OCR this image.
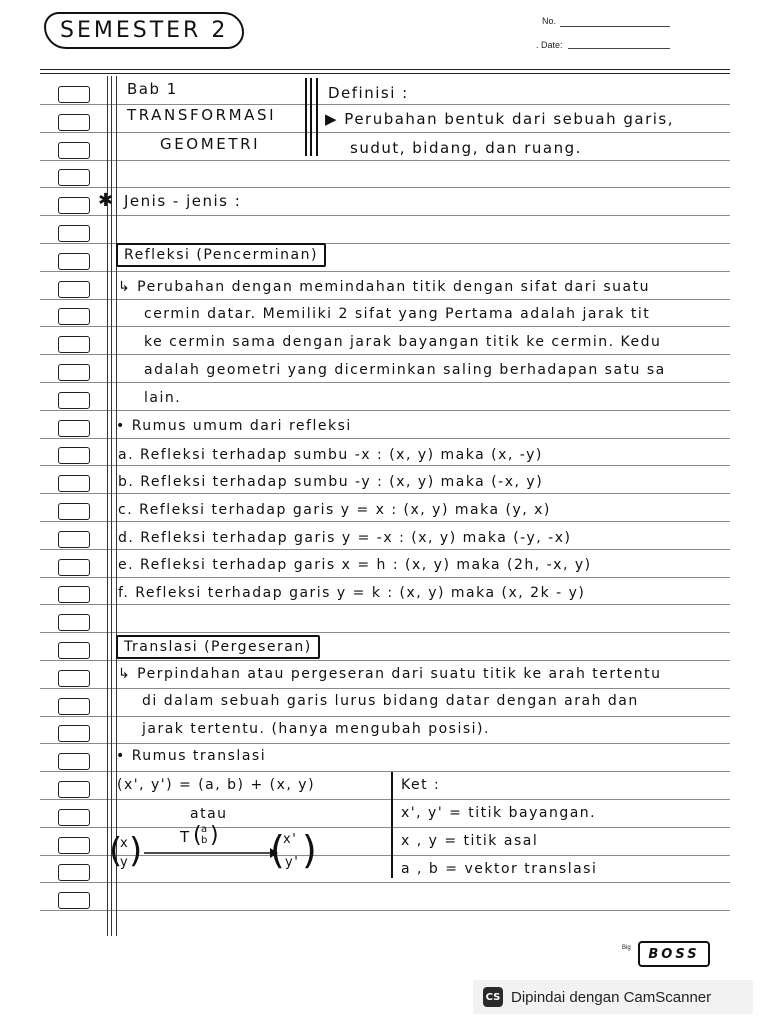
SEMESTER 2	No.
. Date:
Bab 1
TRANSFORMASI
GEOMETRI
Definisi :
▶ Perubahan bentuk dari sebuah garis,
sudut, bidang, dan ruang.
✱ Jenis - jenis :
Refleksi (Pencerminan)
↳ Perubahan dengan memindahan titik dengan sifat dari suatu
cermin datar. Memiliki 2 sifat yang Pertama adalah jarak tit
ke cermin sama dengan jarak bayangan titik ke cermin. Kedu
adalah geometri yang dicerminkan saling berhadapan satu sa
lain.
• Rumus umum dari refleksi
a. Refleksi terhadap sumbu -x : (x, y) maka (x, -y)
b. Refleksi terhadap sumbu -y : (x, y) maka (-x, y)
c. Refleksi terhadap garis y = x : (x, y) maka (y, x)
d. Refleksi terhadap garis y = -x : (x, y) maka (-y, -x)
e. Refleksi terhadap garis x = h : (x, y) maka (2h, -x, y)
f. Refleksi terhadap garis y = k : (x, y) maka (x, 2k - y)
Translasi (Pergeseran)
↳ Perpindahan atau pergeseran dari suatu titik ke arah tertentu
di dalam sebuah garis lurus bidang datar dengan arah dan
jarak tertentu. (hanya mengubah posisi).
• Rumus translasi
(x', y') = (a, b) + (x, y)
atau
(
x
y )	T ( a
b ) (
x'
y' )
Ket :
x', y' = titik bayangan.
x , y = titik asal
a , b = vektor translasi
Big BOSS
CS Dipindai dengan CamScanner
